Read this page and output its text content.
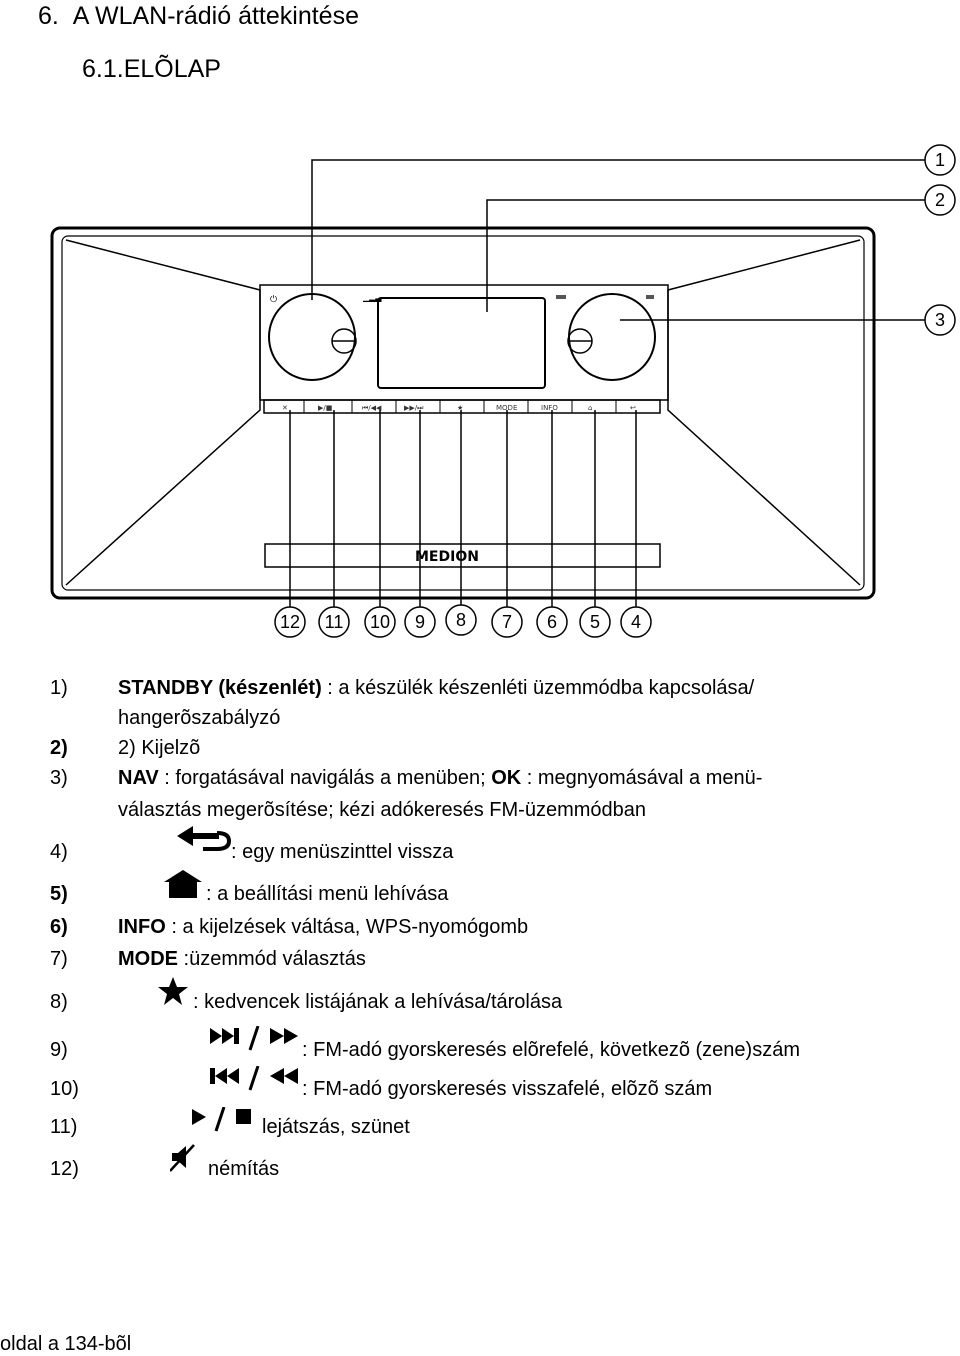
6.  A WLAN-rádió áttekintése
6.1.ELÕLAP
⏻	▁▂▃
✕	▶/■	⏮/◀◀	▶▶/⏭	★	MODE	INFO	⌂	↩
MEDION
1
2
3
4
5
6
7
8
9
10
11
12
1)	STANDBY (készenlét) : a készülék készenléti üzemmódba kapcsolása/
hangerõszabályzó
2)	2) Kijelzõ
3)	NAV : forgatásával navigálás a menüben; OK : megnyomásával a menü-
választás megerõsítése; kézi adókeresés FM-üzemmódban
4)	: egy menüszinttel vissza
5)	: a beállítási menü lehívása
6)	INFO : a kijelzések váltása, WPS-nyomógomb
7)	MODE :üzemmód választás
8)	: kedvencek listájának a lehívása/tárolása
9)	: FM-adó gyorskeresés elõrefelé, következõ (zene)szám
10)	: FM-adó gyorskeresés visszafelé, elõzõ szám
11)	lejátszás, szünet
12)	némítás
oldal a 134-bõl
